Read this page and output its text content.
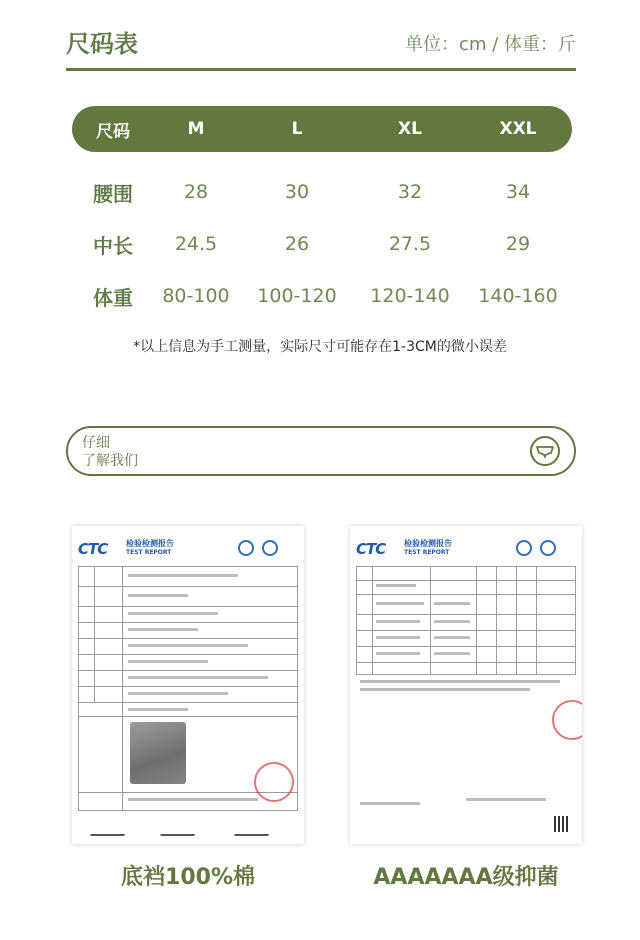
尺码表	单位：cm / 体重：斤
尺码	M	L	XL	XXL
腰围	28	30	32	34
中长	24.5	26	27.5	29
体重	80-100	100-120	120-140	140-160
*以上信息为手工测量，实际尺寸可能存在1-3CM的微小误差
仔细
了解我们
CTC 检验检测报告
TEST REPORT
底裆100%棉
CTC 检验检测报告
TEST REPORT
AAAAAAA级抑菌
